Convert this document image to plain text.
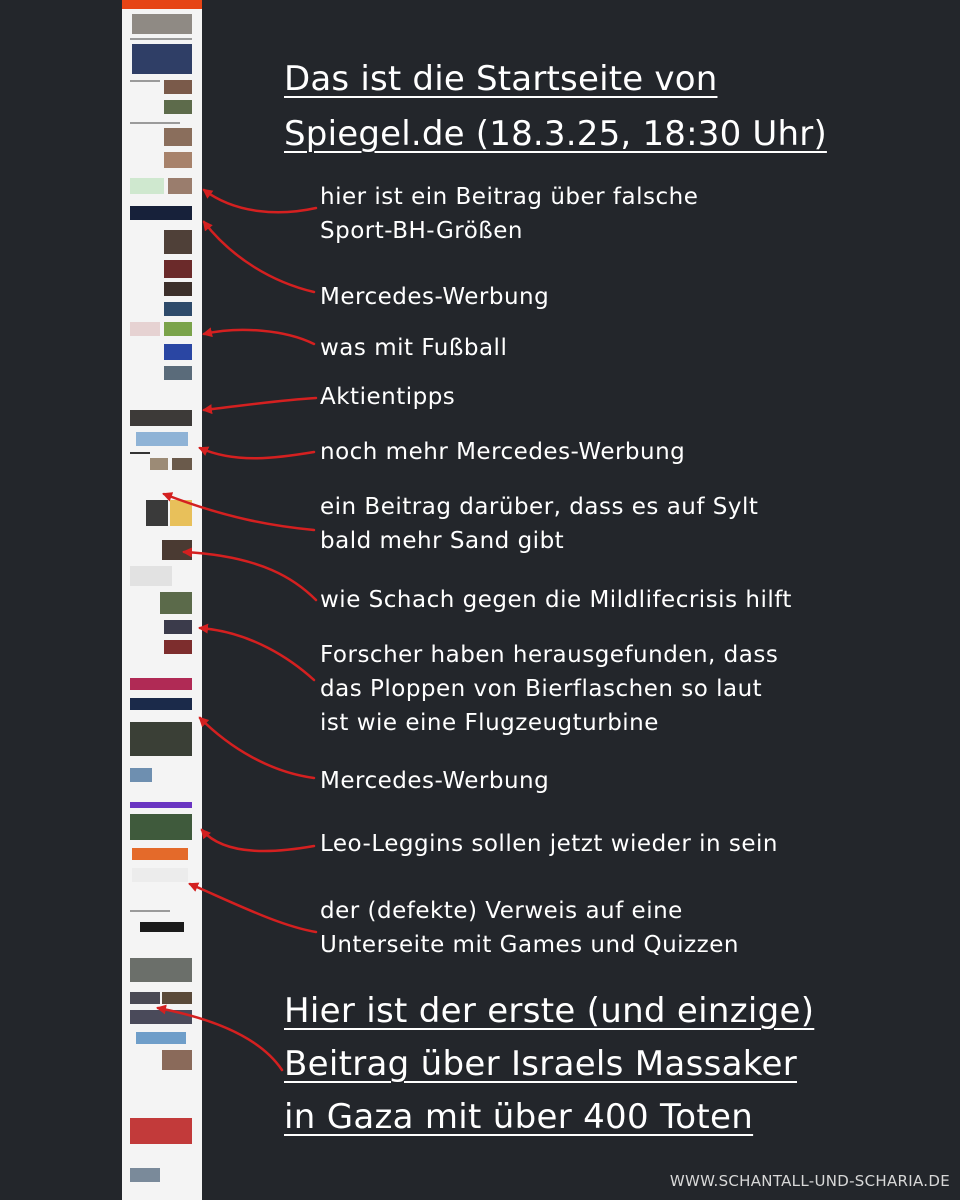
Das ist die Startseite von
Spiegel.de (18.3.25, 18:30 Uhr)
hier ist ein Beitrag über falsche
Sport-BH-Größen
Mercedes-Werbung
was mit Fußball
Aktientipps
noch mehr Mercedes-Werbung
ein Beitrag darüber, dass es auf Sylt
bald mehr Sand gibt
wie Schach gegen die Mildlifecrisis hilft
Forscher haben herausgefunden, dass
das Ploppen von Bierflaschen so laut
ist wie eine Flugzeugturbine
Mercedes-Werbung
Leo-Leggins sollen jetzt wieder in sein
der (defekte) Verweis auf eine
Unterseite mit Games und Quizzen
Hier ist der erste (und einzige)
Beitrag über Israels Massaker
in Gaza mit über 400 Toten
WWW.SCHANTALL-UND-SCHARIA.DE
